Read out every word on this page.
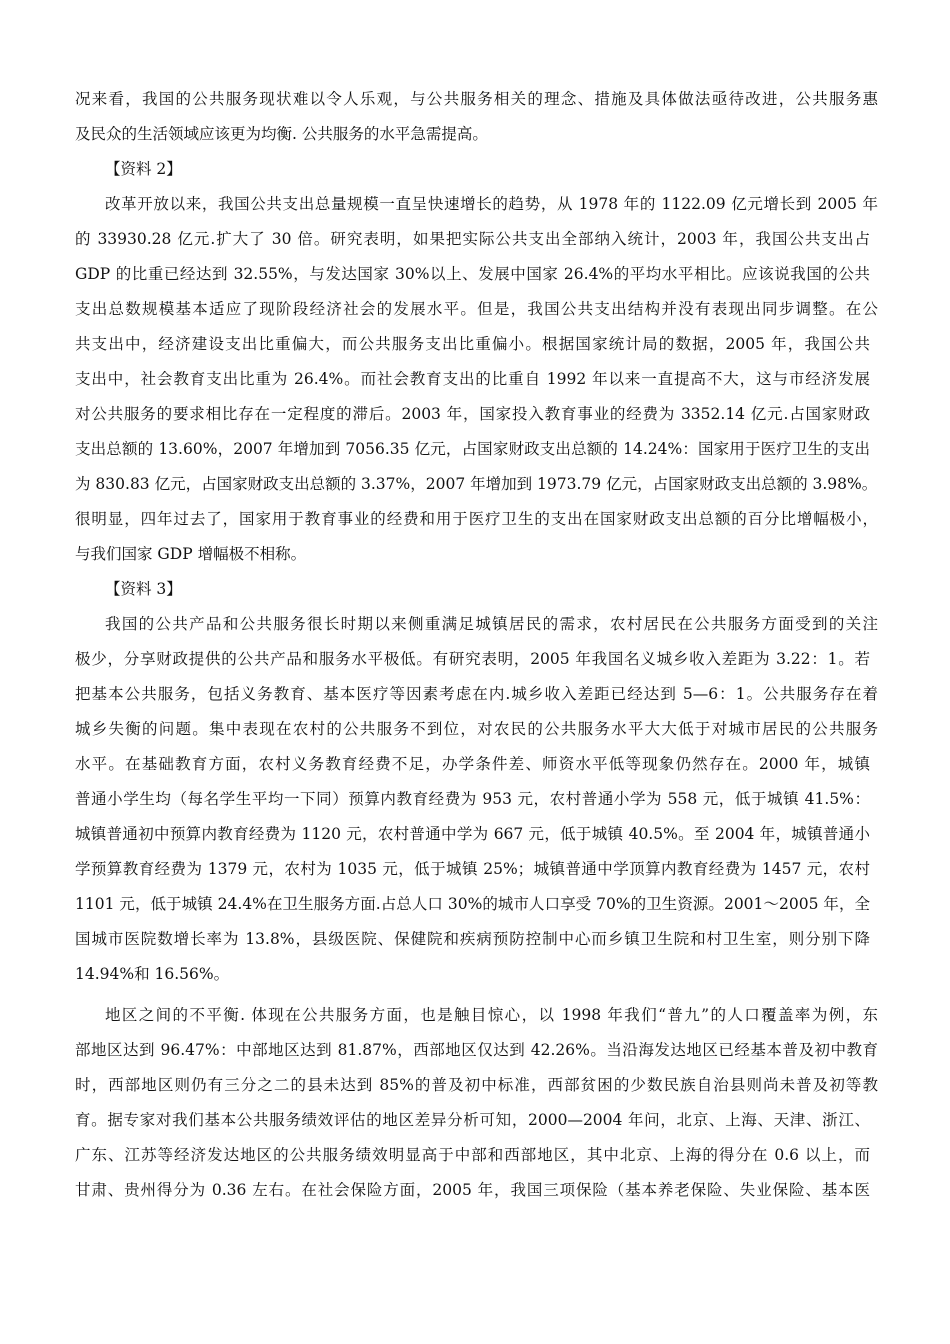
况来看，我国的公共服务现状难以令人乐观，与公共服务相关的理念、措施及具体做法亟待改进，公共服务惠
及民众的生活领域应该更为均衡. 公共服务的水平急需提高。
【资料 2】
改革开放以来，我国公共支出总量规模一直呈快速增长的趋势，从 1978 年的 1122.09 亿元增长到 2005 年
的 33930.28 亿元.扩大了 30 倍。研究表明，如果把实际公共支出全部纳入统计，2003 年，我国公共支出占
GDP 的比重已经达到 32.55%，与发达国家 30%以上、发展中国家 26.4%的平均水平相比。应该说我国的公共
支出总数规模基本适应了现阶段经济社会的发展水平。但是，我国公共支出结构并没有表现出同步调整。在公
共支出中，经济建设支出比重偏大，而公共服务支出比重偏小。根据国家统计局的数据，2005 年，我国公共
支出中，社会教育支出比重为 26.4%。而社会教育支出的比重自 1992 年以来一直提高不大，这与市经济发展
对公共服务的要求相比存在一定程度的滞后。2003 年，国家投入教育事业的经费为 3352.14 亿元.占国家财政
支出总额的 13.60%，2007 年增加到 7056.35 亿元，占国家财政支出总额的 14.24%：国家用于医疗卫生的支出
为 830.83 亿元，占国家财政支出总额的 3.37%，2007 年增加到 1973.79 亿元，占国家财政支出总额的 3.98%。
很明显，四年过去了，国家用于教育事业的经费和用于医疗卫生的支出在国家财政支出总额的百分比增幅极小，
与我们国家 GDP 增幅极不相称。
【资料 3】
我国的公共产品和公共服务很长时期以来侧重满足城镇居民的需求，农村居民在公共服务方面受到的关注
极少，分享财政提供的公共产品和服务水平极低。有研究表明，2005 年我国名义城乡收入差距为 3.22：1。若
把基本公共服务，包括义务教育、基本医疗等因素考虑在内.城乡收入差距已经达到 5—6：1。公共服务存在着
城乡失衡的问题。集中表现在农村的公共服务不到位，对农民的公共服务水平大大低于对城市居民的公共服务
水平。在基础教育方面，农村义务教育经费不足，办学条件差、师资水平低等现象仍然存在。2000 年，城镇
普通小学生均（每名学生平均一下同）预算内教育经费为 953 元，农村普通小学为 558 元，低于城镇 41.5%：
城镇普通初中预算内教育经费为 1120 元，农村普通中学为 667 元，低于城镇 40.5%。至 2004 年，城镇普通小
学预算教育经费为 1379 元，农村为 1035 元，低于城镇 25%；城镇普通中学顶算内教育经费为 1457 元，农村
1101 元，低于城镇 24.4%在卫生服务方面.占总人口 30%的城市人口享受 70%的卫生资源。2001～2005 年，全
国城市医院数增长率为 13.8%，县级医院、保健院和疾病预防控制中心而乡镇卫生院和村卫生室，则分别下降
14.94%和 16.56%。
地区之间的不平衡. 体现在公共服务方面，也是触目惊心，以 1998 年我们“普九”的人口覆盖率为例，东
部地区达到 96.47%：中部地区达到 81.87%，西部地区仅达到 42.26%。当沿海发达地区已经基本普及初中教育
时，西部地区则仍有三分之二的县未达到 85%的普及初中标准，西部贫困的少数民族自治县则尚未普及初等教
育。据专家对我们基本公共服务绩效评估的地区差异分析可知，2000—2004 年问，北京、上海、天津、浙江、
广东、江苏等经济发达地区的公共服务绩效明显高于中部和西部地区，其中北京、上海的得分在 0.6 以上，而
甘肃、贵州得分为 0.36 左右。在社会保险方面，2005 年，我国三项保险（基本养老保险、失业保险、基本医
